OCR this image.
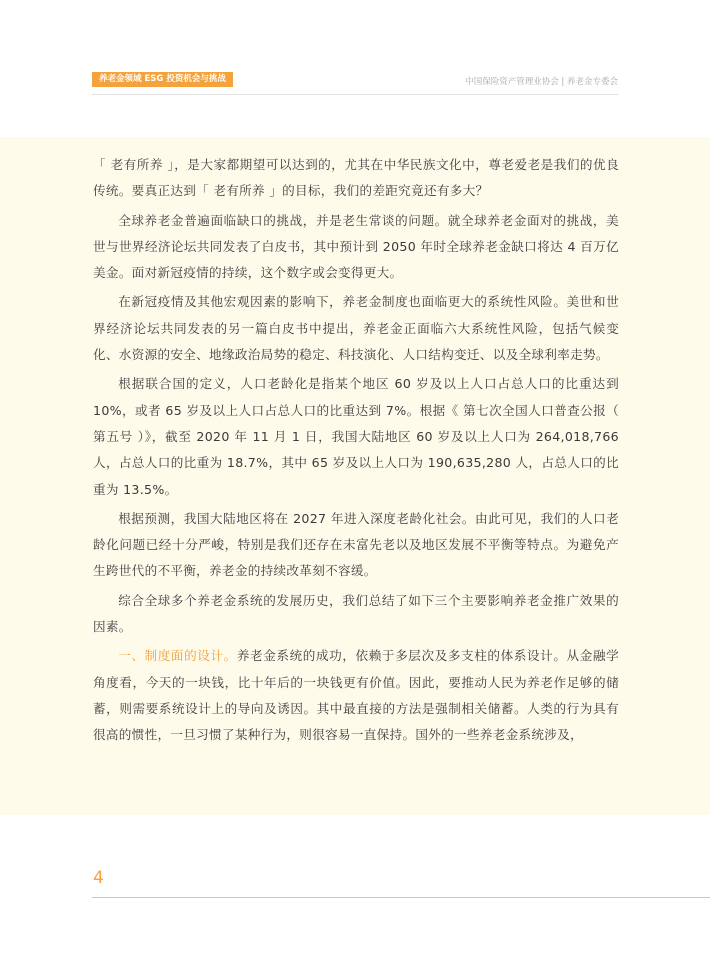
养老金领域 ESG 投资机会与挑战	中国保险资产管理业协会 | 养老金专委会

「 老有所养 」，是大家都期望可以达到的，尤其在中华民族文化中，尊老爱老是我们的优良传统。要真正达到「 老有所养 」的目标，我们的差距究竟还有多大？

全球养老金普遍面临缺口的挑战，并是老生常谈的问题。就全球养老金面对的挑战，美世与世界经济论坛共同发表了白皮书，其中预计到 2050 年时全球养老金缺口将达 4 百万亿美金。面对新冠疫情的持续，这个数字或会变得更大。

在新冠疫情及其他宏观因素的影响下，养老金制度也面临更大的系统性风险。美世和世界经济论坛共同发表的另一篇白皮书中提出，养老金正面临六大系统性风险，包括气候变化、水资源的安全、地缘政治局势的稳定、科技演化、人口结构变迁、以及全球利率走势。

根据联合国的定义，人口老龄化是指某个地区 60 岁及以上人口占总人口的比重达到 10%，或者 65 岁及以上人口占总人口的比重达到 7%。根据《 第七次全国人口普查公报（ 第五号 ）》，截至 2020 年 11 月 1 日，我国大陆地区 60 岁及以上人口为 264,018,766 人，占总人口的比重为 18.7%，其中 65 岁及以上人口为 190,635,280 人，占总人口的比重为 13.5%。

根据预测，我国大陆地区将在 2027 年进入深度老龄化社会。由此可见，我们的人口老龄化问题已经十分严峻，特别是我们还存在未富先老以及地区发展不平衡等特点。为避免产生跨世代的不平衡，养老金的持续改革刻不容缓。

综合全球多个养老金系统的发展历史，我们总结了如下三个主要影响养老金推广效果的因素。

一、制度面的设计。养老金系统的成功，依赖于多层次及多支柱的体系设计。从金融学角度看，今天的一块钱，比十年后的一块钱更有价值。因此，要推动人民为养老作足够的储蓄，则需要系统设计上的导向及诱因。其中最直接的方法是强制相关储蓄。人类的行为具有很高的惯性，一旦习惯了某种行为，则很容易一直保持。国外的一些养老金系统涉及，

4
